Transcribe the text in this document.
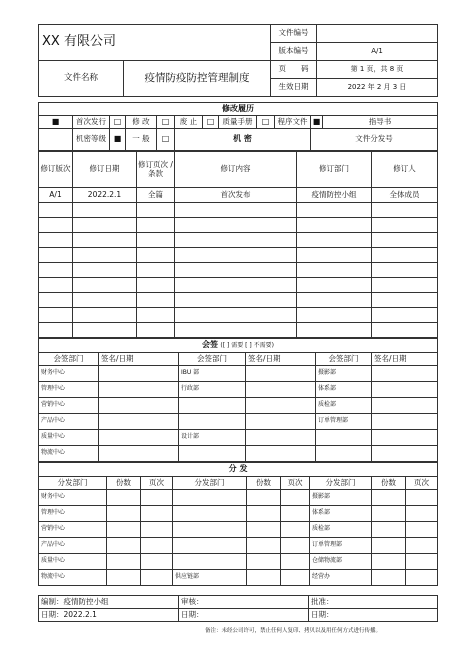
XX 有限公司		文件编号	
		版本编号	A/1
文件名称	疫情防疫防控管理制度	页　　码	第 1 页，共 8 页
		生效日期	2022 年 2 月 3 日
修改履历											
■	首次发行	□	修 改	□	废 止	□	质量手册	□	程序文件	■	指导书
	机密等级	■	一 般	□	机 密					文件分发号	
修订版次	修订日期	修订页次 / 条款	修订内容	修订部门	修订人
A/1	2022.2.1	全篇	首次发布	疫情防控小组	全体成员

会签 ([ ] 需要 [ ] 不需要)					
会签部门	签名/日期	会签部门	签名/日期	会签部门	签名/日期
财务中心		IBU 部		摄影部	
管理中心		行政部		体系部	
营销中心				质检部	
产品中心				订单管理部	
质量中心		设计部			
物流中心					
分 发								
分发部门	份数	页次	分发部门	份数	页次	分发部门	份数	页次
财务中心						摄影部		
管理中心						体系部		
营销中心						质检部		
产品中心						订单管理部		
质量中心						仓储物流部		
物流中心			供应链部			经营办		
编制：疫情防控小组	审核：	批准：
日期：2022.2.1	日期：	日期：
备注：未经公司许可，禁止任何人复印、拷贝以及用任何方式进行传播。
